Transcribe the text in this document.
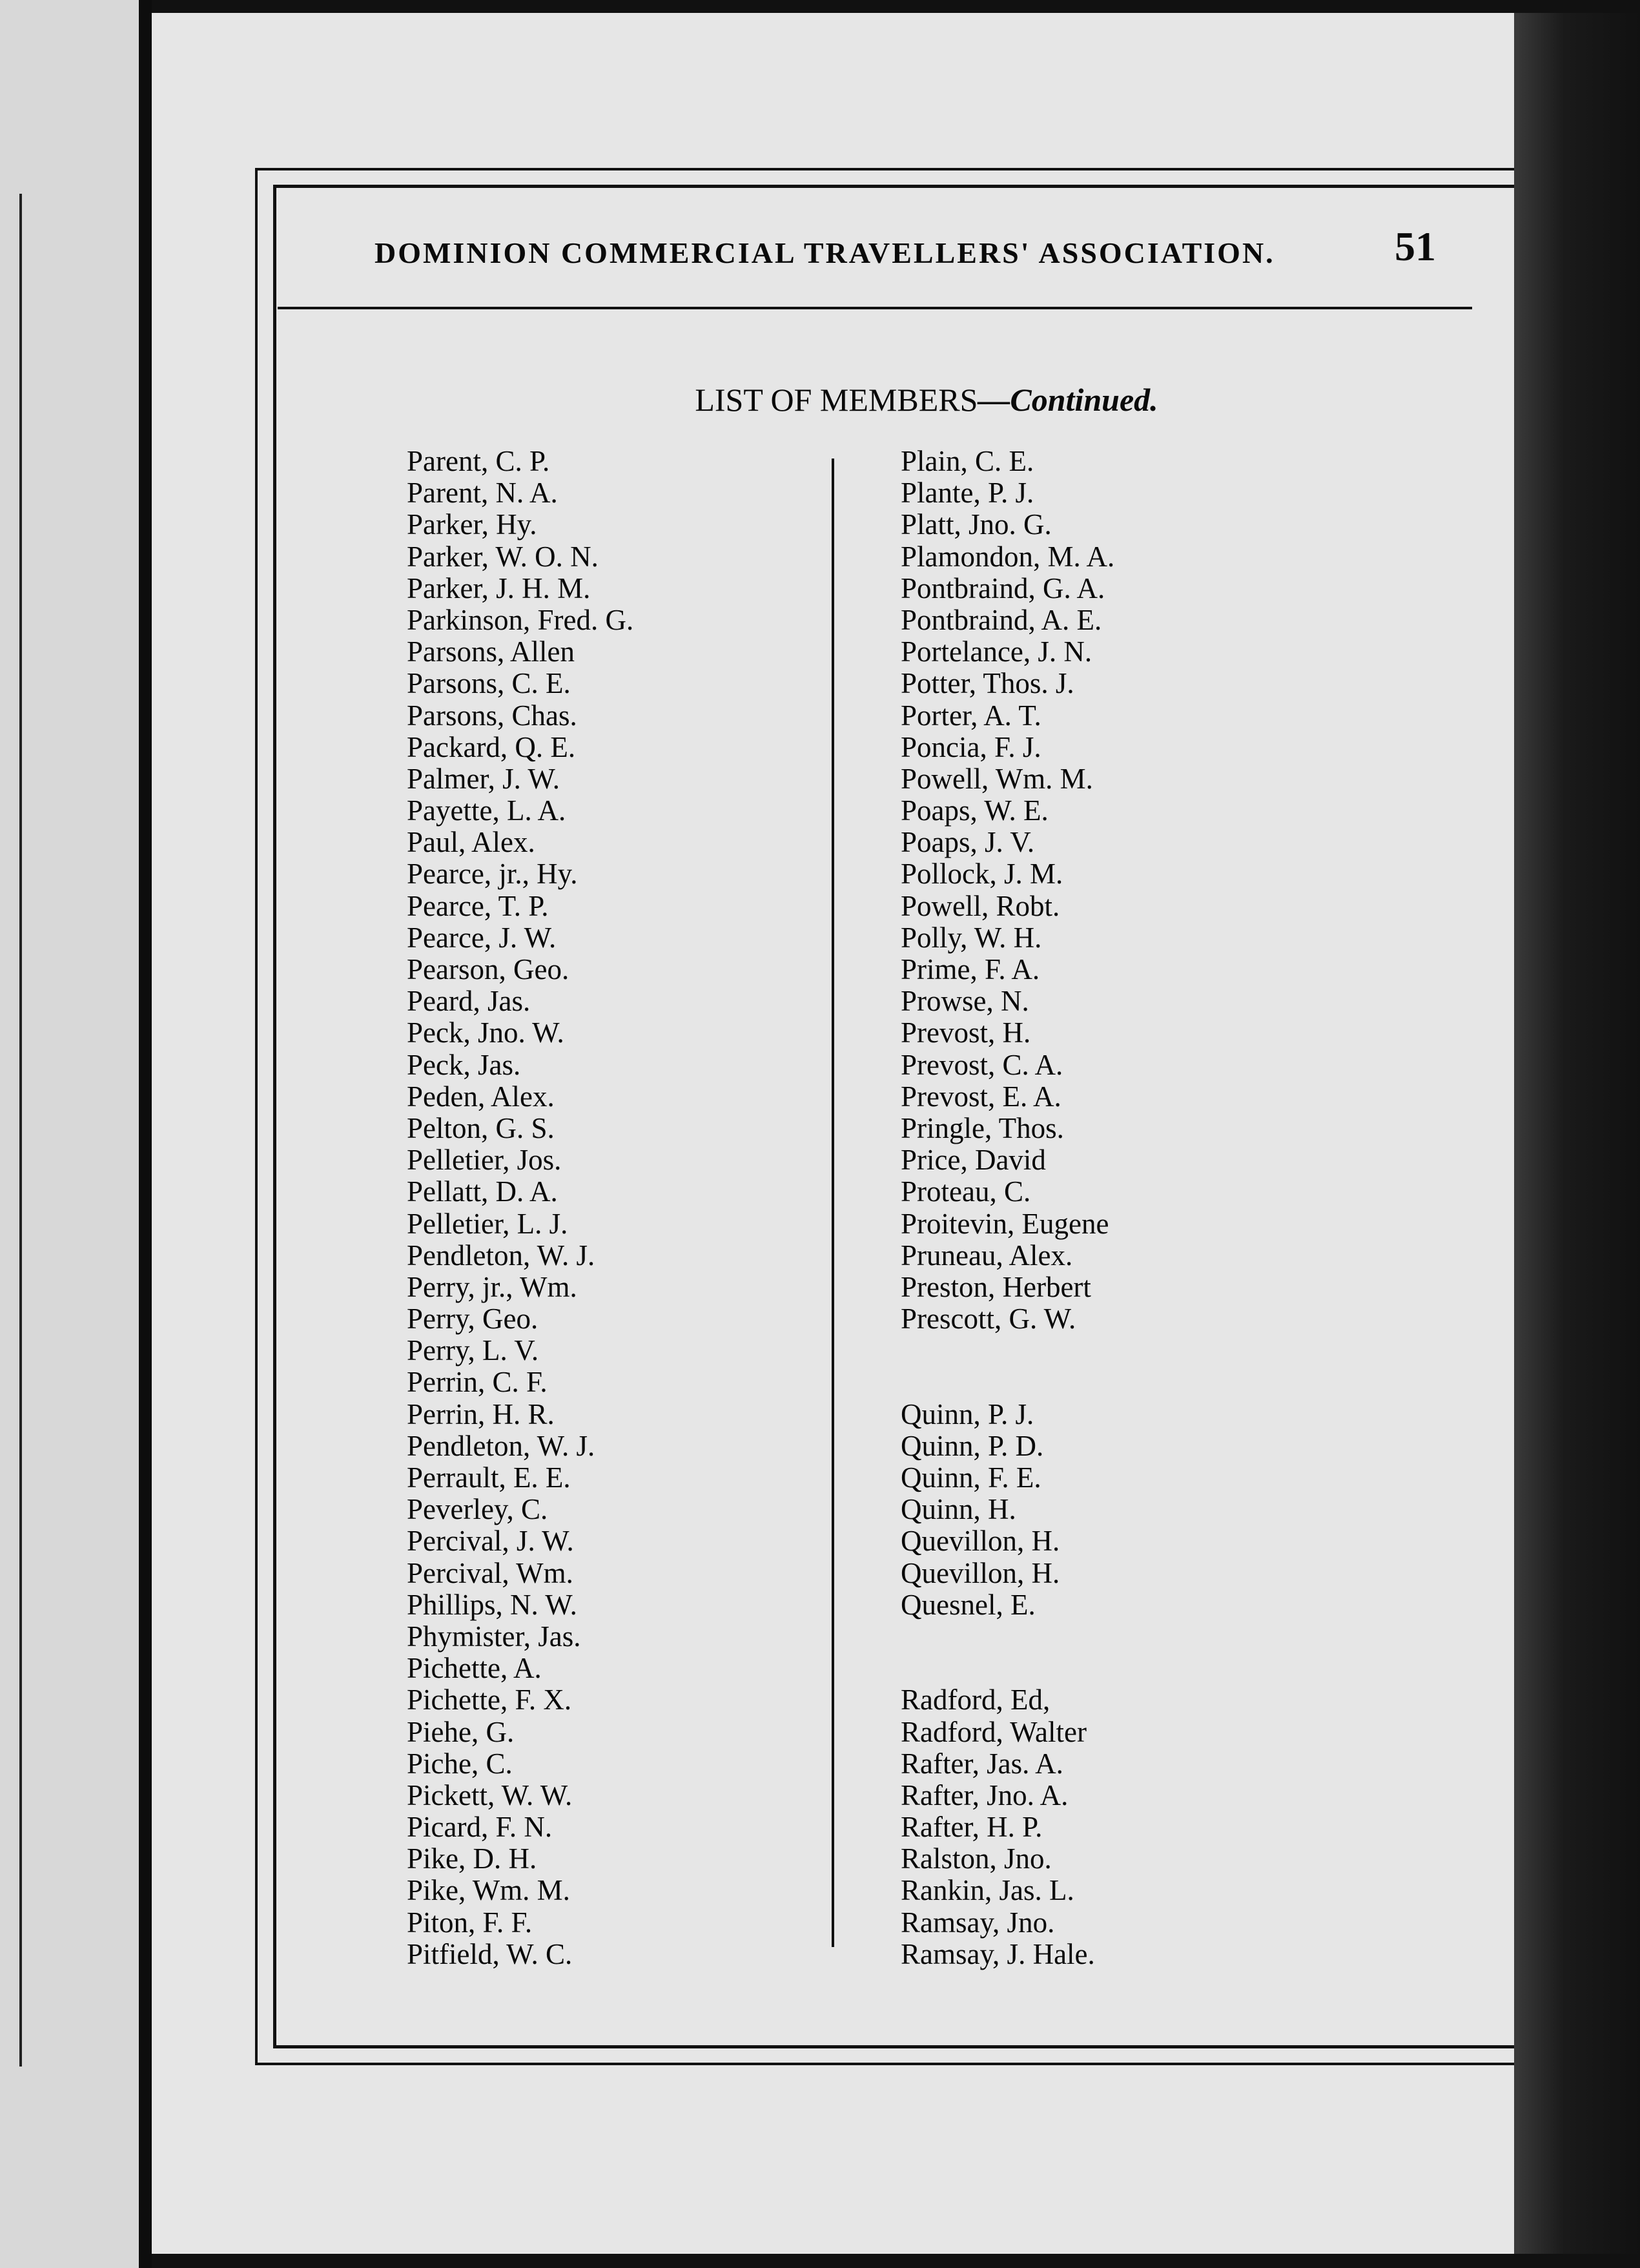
DOMINION COMMERCIAL TRAVELLERS' ASSOCIATION.	51
LIST OF MEMBERS—Continued.
Parent, C. P.
Parent, N. A.
Parker, Hy.
Parker, W. O. N.
Parker, J. H. M.
Parkinson, Fred. G.
Parsons, Allen
Parsons, C. E.
Parsons, Chas.
Packard, Q. E.
Palmer, J. W.
Payette, L. A.
Paul, Alex.
Pearce, jr., Hy.
Pearce, T. P.
Pearce, J. W.
Pearson, Geo.
Peard, Jas.
Peck, Jno. W.
Peck, Jas.
Peden, Alex.
Pelton, G. S.
Pelletier, Jos.
Pellatt, D. A.
Pelletier, L. J.
Pendleton, W. J.
Perry, jr., Wm.
Perry, Geo.
Perry, L. V.
Perrin, C. F.
Perrin, H. R.
Pendleton, W. J.
Perrault, E. E.
Peverley, C.
Percival, J. W.
Percival, Wm.
Phillips, N. W.
Phymister, Jas.
Pichette, A.
Pichette, F. X.
Piehe, G.
Piche, C.
Pickett, W. W.
Picard, F. N.
Pike, D. H.
Pike, Wm. M.
Piton, F. F.
Pitfield, W. C.
Plain, C. E.
Plante, P. J.
Platt, Jno. G.
Plamondon, M. A.
Pontbraind, G. A.
Pontbraind, A. E.
Portelance, J. N.
Potter, Thos. J.
Porter, A. T.
Poncia, F. J.
Powell, Wm. M.
Poaps, W. E.
Poaps, J. V.
Pollock, J. M.
Powell, Robt.
Polly, W. H.
Prime, F. A.
Prowse, N.
Prevost, H.
Prevost, C. A.
Prevost, E. A.
Pringle, Thos.
Price, David
Proteau, C.
Proitevin, Eugene
Pruneau, Alex.
Preston, Herbert
Prescott, G. W.
Quinn, P. J.
Quinn, P. D.
Quinn, F. E.
Quinn, H.
Quevillon, H.
Quevillon, H.
Quesnel, E.
Radford, Ed,
Radford, Walter
Rafter, Jas. A.
Rafter, Jno. A.
Rafter, H. P.
Ralston, Jno.
Rankin, Jas. L.
Ramsay, Jno.
Ramsay, J. Hale.
